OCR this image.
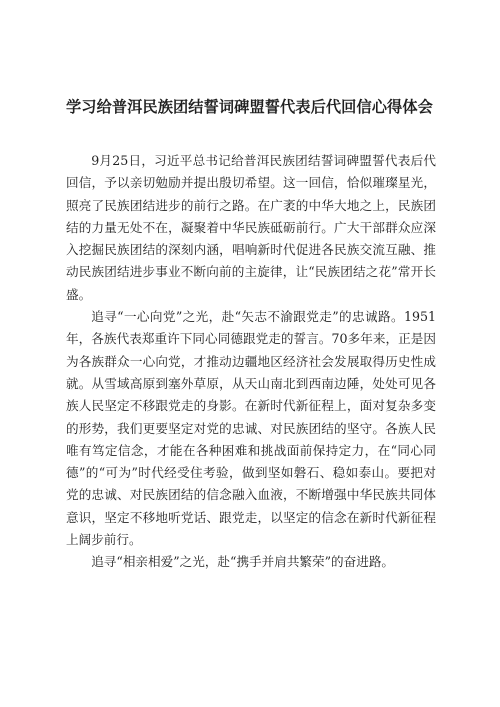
学习给普洱民族团结誓词碑盟誓代表后代回信心得体会

9月25日，习近平总书记给普洱民族团结誓词碑盟誓代表后代回信，予以亲切勉励并提出殷切希望。这一回信，恰似璀璨星光，照亮了民族团结进步的前行之路。在广袤的中华大地之上，民族团结的力量无处不在，凝聚着中华民族砥砺前行。广大干部群众应深入挖掘民族团结的深刻内涵，唱响新时代促进各民族交流互融、推动民族团结进步事业不断向前的主旋律，让“民族团结之花”常开长盛。

追寻“一心向党”之光，赴“矢志不渝跟党走”的忠诚路。1951年，各族代表郑重许下同心同德跟党走的誓言。70多年来，正是因为各族群众一心向党，才推动边疆地区经济社会发展取得历史性成就。从雪域高原到塞外草原，从天山南北到西南边陲，处处可见各族人民坚定不移跟党走的身影。在新时代新征程上，面对复杂多变的形势，我们更要坚定对党的忠诚、对民族团结的坚守。各族人民唯有笃定信念，才能在各种困难和挑战面前保持定力，在“同心同德”的“可为”时代经受住考验，做到坚如磐石、稳如泰山。要把对党的忠诚、对民族团结的信念融入血液，不断增强中华民族共同体意识，坚定不移地听党话、跟党走，以坚定的信念在新时代新征程上阔步前行。

追寻“相亲相爱”之光，赴“携手并肩共繁荣”的奋进路。
